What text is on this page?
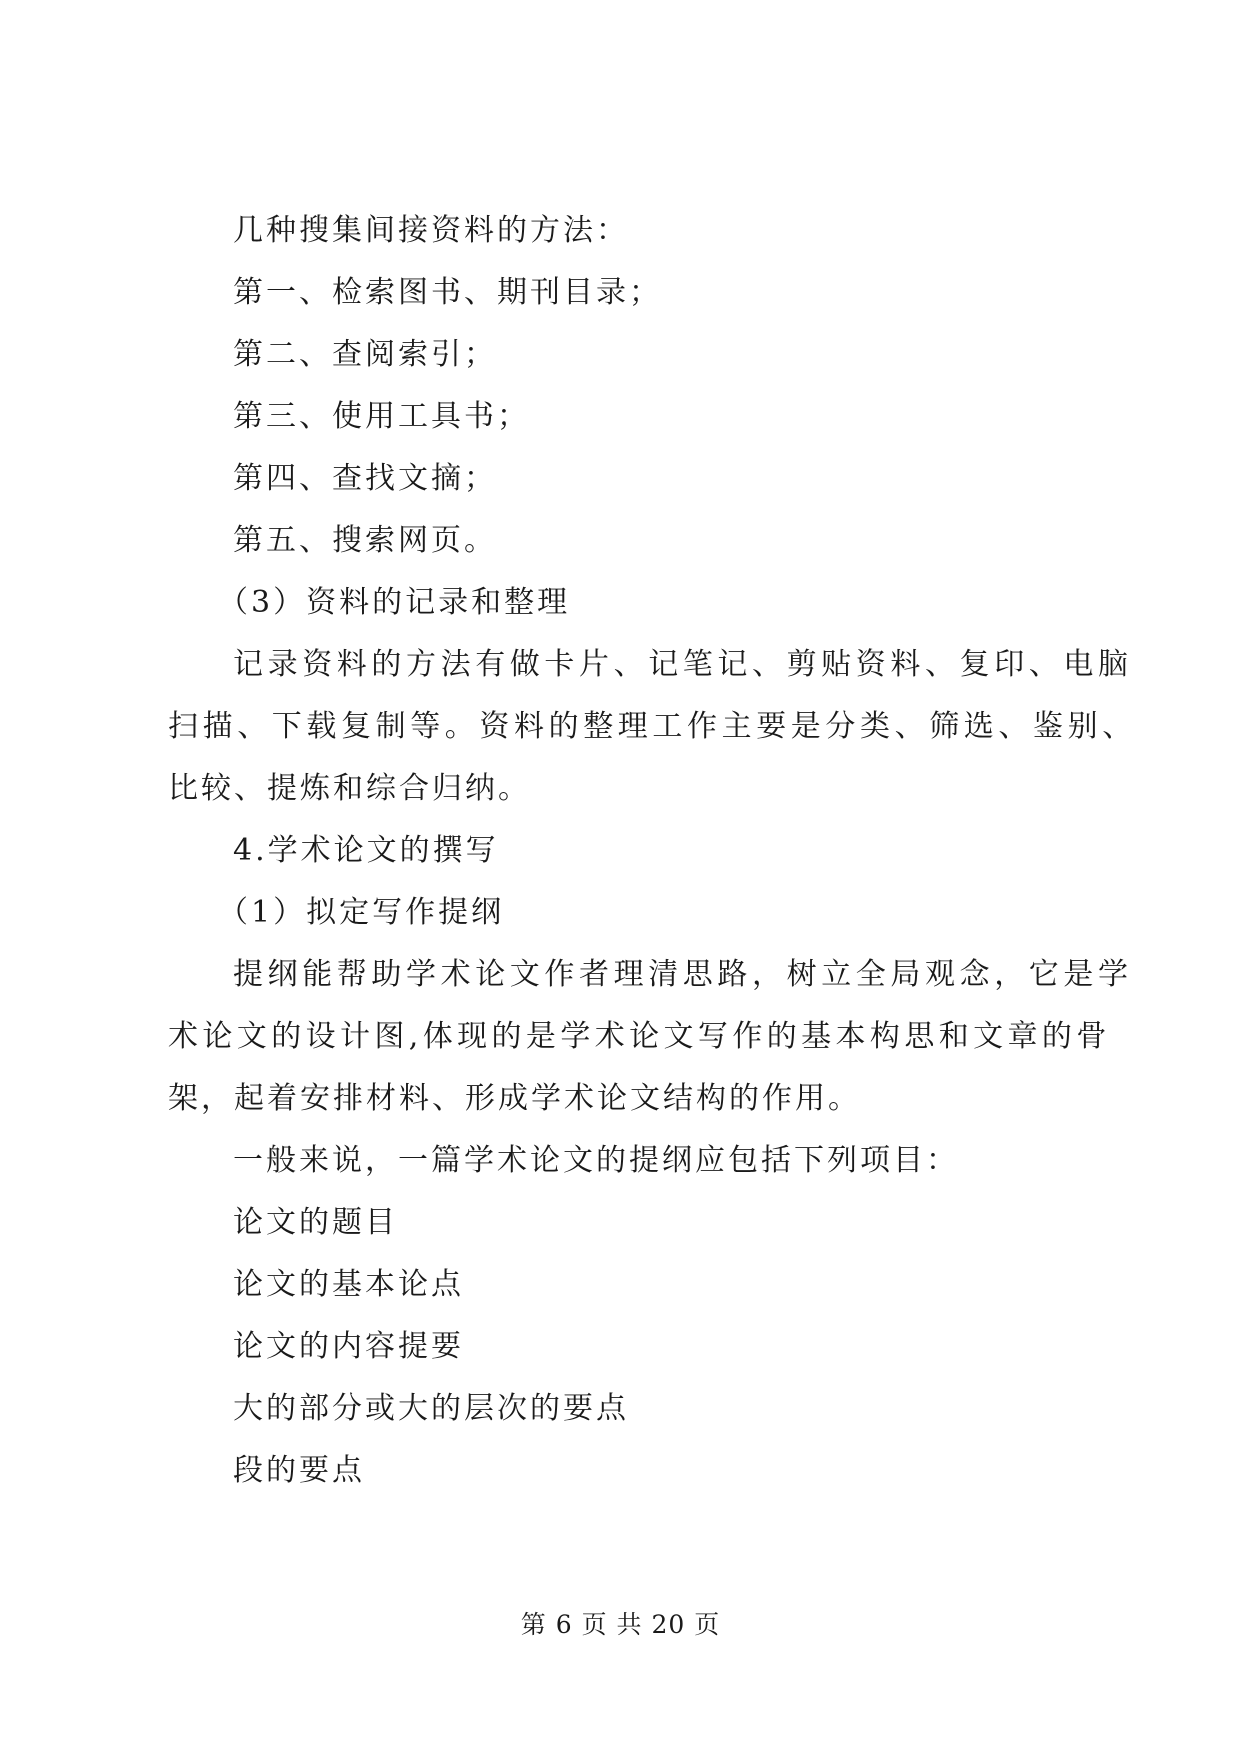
几种搜集间接资料的方法：
第一、检索图书、期刊目录；
第二、查阅索引；
第三、使用工具书；
第四、查找文摘；
第五、搜索网页。
（3）资料的记录和整理
记录资料的方法有做卡片、记笔记、剪贴资料、复印、电脑
扫描、下载复制等。资料的整理工作主要是分类、筛选、鉴别、
比较、提炼和综合归纳。
4.学术论文的撰写
（1）拟定写作提纲
提纲能帮助学术论文作者理清思路，树立全局观念，它是学
术论文的设计图,体现的是学术论文写作的基本构思和文章的骨
架，起着安排材料、形成学术论文结构的作用。
一般来说，一篇学术论文的提纲应包括下列项目：
论文的题目
论文的基本论点
论文的内容提要
大的部分或大的层次的要点
段的要点
第 6 页 共 20 页
